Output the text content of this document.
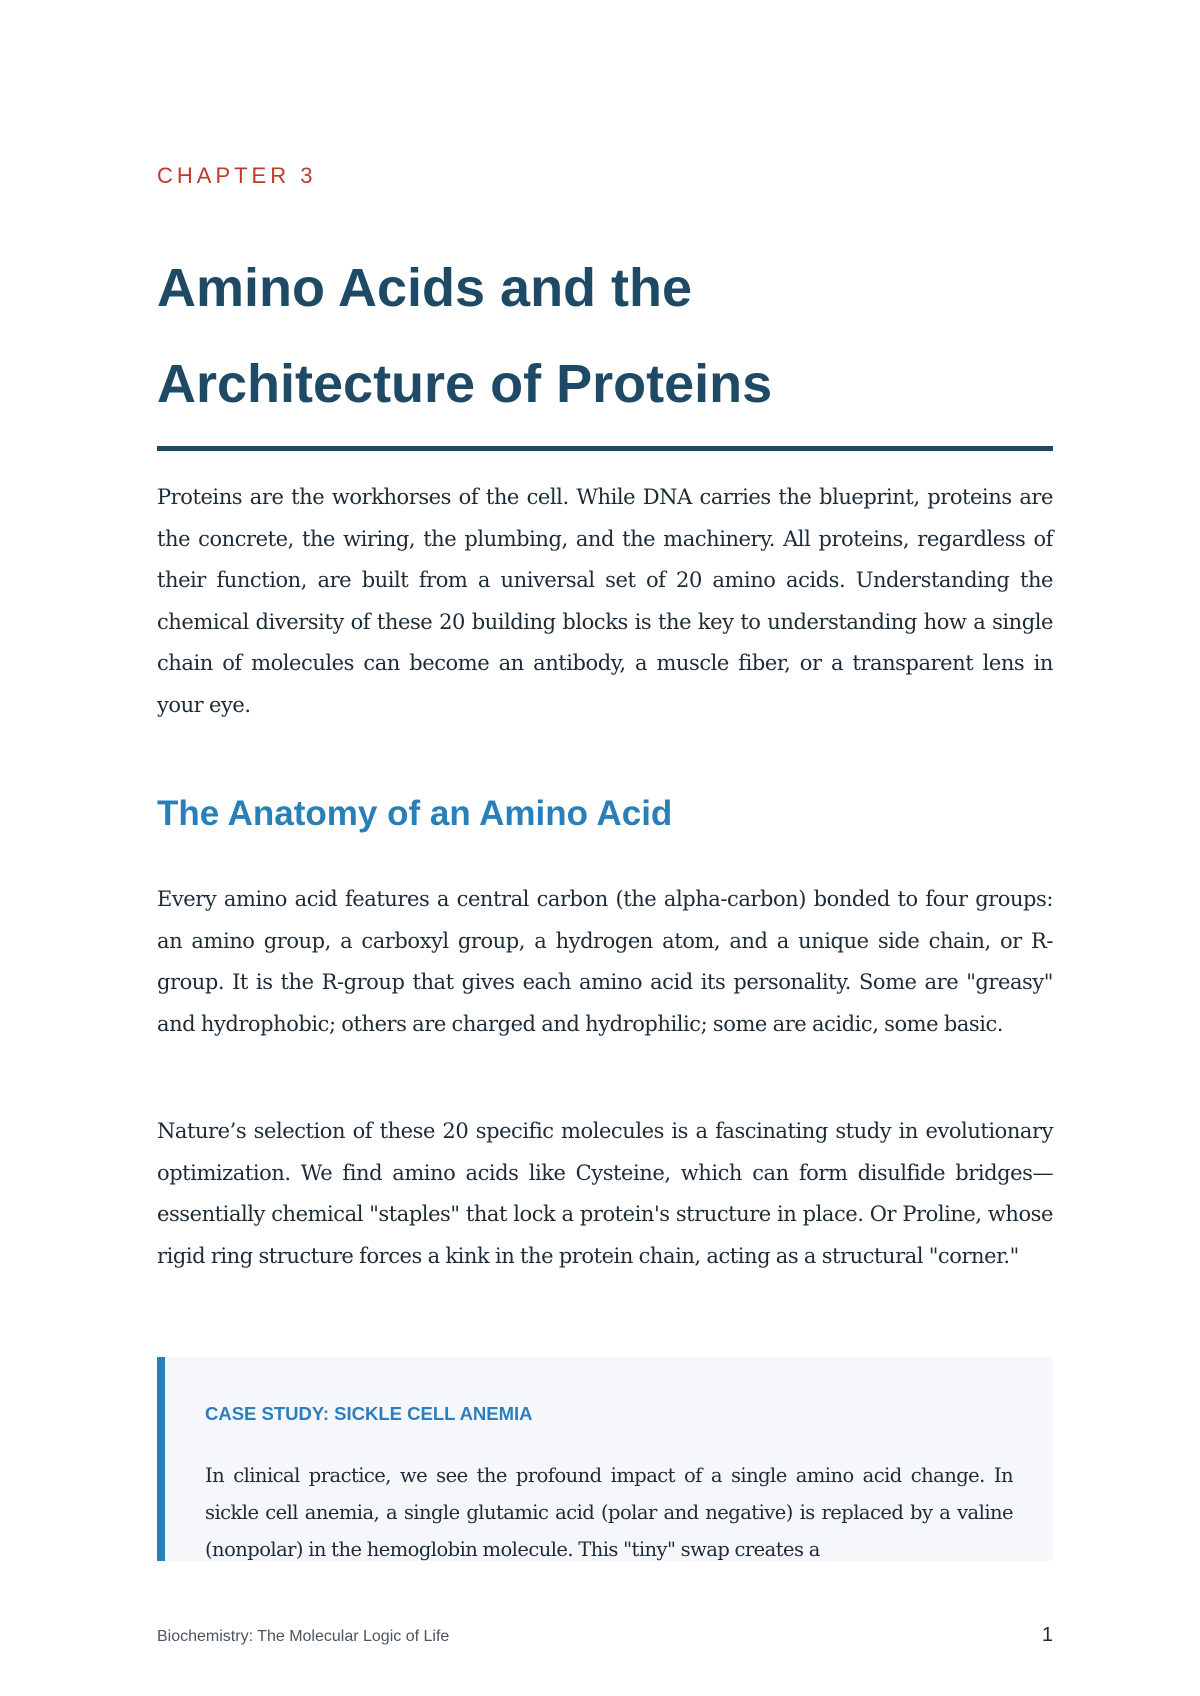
CHAPTER 3
Amino Acids and the
Architecture of Proteins

Proteins are the workhorses of the cell. While DNA carries the blueprint, proteins are the concrete, the wiring, the plumbing, and the machinery. All proteins, regardless of their function, are built from a universal set of 20 amino acids. Understanding the chemical diversity of these 20 building blocks is the key to understanding how a single chain of molecules can become an antibody, a muscle fiber, or a transparent lens in your eye.

The Anatomy of an Amino Acid

Every amino acid features a central carbon (the alpha-carbon) bonded to four groups: an amino group, a carboxyl group, a hydrogen atom, and a unique side chain, or R-group. It is the R-group that gives each amino acid its personality. Some are "greasy" and hydrophobic; others are charged and hydrophilic; some are acidic, some basic.

Nature’s selection of these 20 specific molecules is a fascinating study in evolutionary optimization. We find amino acids like Cysteine, which can form disulfide bridges—essentially chemical "staples" that lock a protein's structure in place. Or Proline, whose rigid ring structure forces a kink in the protein chain, acting as a structural "corner."

CASE STUDY: SICKLE CELL ANEMIA

In clinical practice, we see the profound impact of a single amino acid change. In sickle cell anemia, a single glutamic acid (polar and negative) is replaced by a valine (nonpolar) in the hemoglobin molecule. This "tiny" swap creates a

Biochemistry: The Molecular Logic of Life	1
